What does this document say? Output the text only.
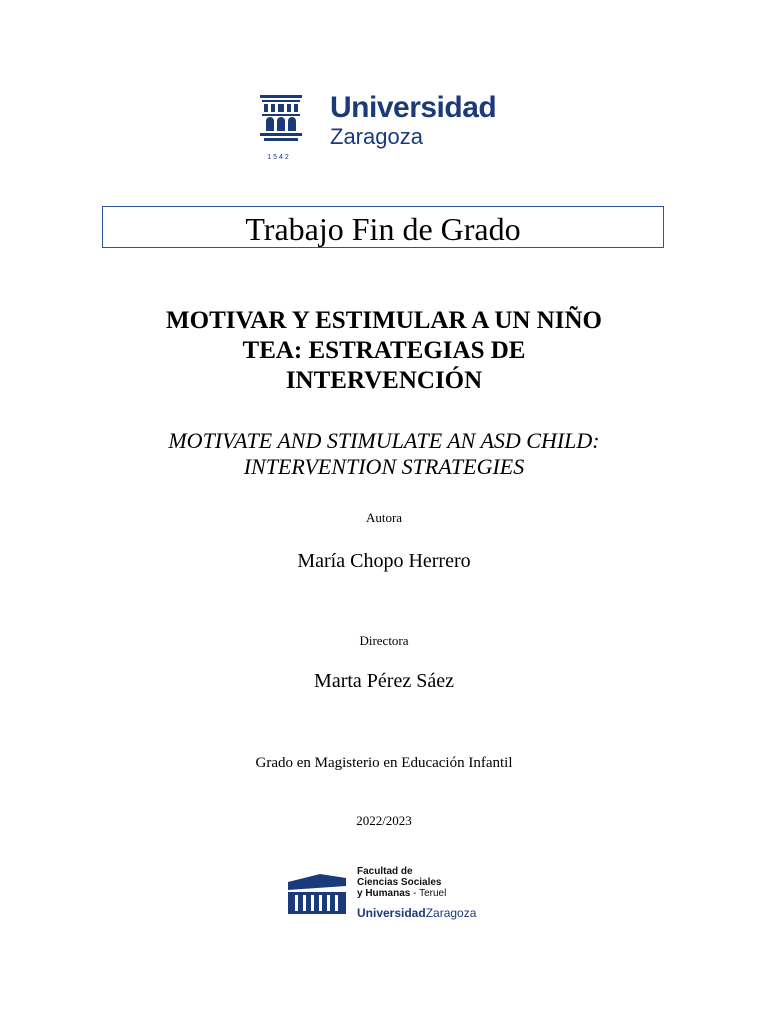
Universidad
Zaragoza
1542
Trabajo Fin de Grado
MOTIVAR Y ESTIMULAR A UN NIÑO
TEA: ESTRATEGIAS DE
INTERVENCIÓN
MOTIVATE AND STIMULATE AN ASD CHILD:
INTERVENTION STRATEGIES
Autora
María Chopo Herrero
Directora
Marta Pérez Sáez
Grado en Magisterio en Educación Infantil
2022/2023
Facultad de
Ciencias Sociales
y Humanas - Teruel
UniversidadZaragoza
